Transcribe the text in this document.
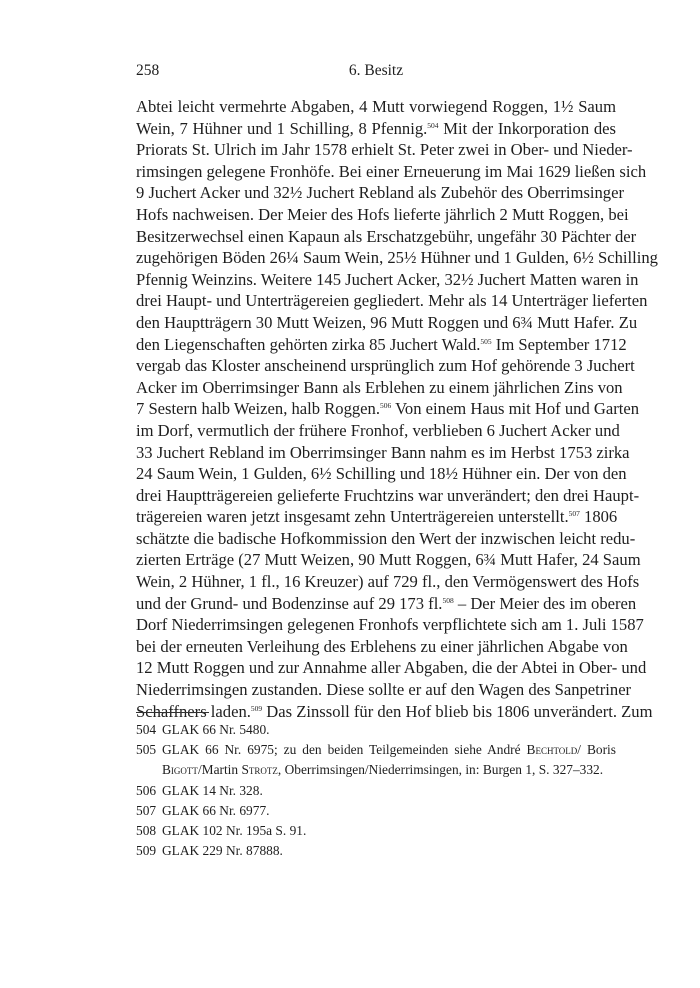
258	6. Besitz
Abtei leicht vermehrte Abgaben, 4 Mutt vorwiegend Roggen, 1½ Saum
Wein, 7 Hühner und 1 Schilling, 8 Pfennig.$^{504}$ Mit der Inkorporation des
Priorats St. Ulrich im Jahr 1578 erhielt St. Peter zwei in Ober- und Nieder-
rimsingen gelegene Fronhöfe. Bei einer Erneuerung im Mai 1629 ließen sich
9 Juchert Acker und 32½ Juchert Rebland als Zubehör des Oberrimsinger
Hofs nachweisen. Der Meier des Hofs lieferte jährlich 2 Mutt Roggen, bei
Besitzerwechsel einen Kapaun als Erschatzgebühr, ungefähr 30 Pächter der
zugehörigen Böden 26¼ Saum Wein, 25½ Hühner und 1 Gulden, 6½ Schilling
Pfennig Weinzins. Weitere 145 Juchert Acker, 32½ Juchert Matten waren in
drei Haupt- und Unterträgereien gegliedert. Mehr als 14 Unterträger lieferten
den Hauptträgern 30 Mutt Weizen, 96 Mutt Roggen und 6¾ Mutt Hafer. Zu
den Liegenschaften gehörten zirka 85 Juchert Wald.$^{505}$ Im September 1712
vergab das Kloster anscheinend ursprünglich zum Hof gehörende 3 Juchert
Acker im Oberrimsinger Bann als Erblehen zu einem jährlichen Zins von
7 Sestern halb Weizen, halb Roggen.$^{506}$ Von einem Haus mit Hof und Garten
im Dorf, vermutlich der frühere Fronhof, verblieben 6 Juchert Acker und
33 Juchert Rebland im Oberrimsinger Bann nahm es im Herbst 1753 zirka
24 Saum Wein, 1 Gulden, 6½ Schilling und 18½ Hühner ein. Der von den
drei Hauptträgereien gelieferte Fruchtzins war unverändert; den drei Haupt-
trägereien waren jetzt insgesamt zehn Unterträgereien unterstellt.$^{507}$ 1806
schätzte die badische Hofkommission den Wert der inzwischen leicht redu-
zierten Erträge (27 Mutt Weizen, 90 Mutt Roggen, 6¾ Mutt Hafer, 24 Saum
Wein, 2 Hühner, 1 fl., 16 Kreuzer) auf 729 fl., den Vermögenswert des Hofs
und der Grund- und Bodenzinse auf 29 173 fl.$^{508}$ – Der Meier des im oberen
Dorf Niederrimsingen gelegenen Fronhofs verpflichtete sich am 1. Juli 1587
bei der erneuten Verleihung des Erblehens zu einer jährlichen Abgabe von
12 Mutt Roggen und zur Annahme aller Abgaben, die der Abtei in Ober- und
Niederrimsingen zustanden. Diese sollte er auf den Wagen des Sanpetriner
Schaffners laden.$^{509}$ Das Zinssoll für den Hof blieb bis 1806 unverändert. Zum
504 GLAK 66 Nr. 5480.
505 GLAK 66 Nr. 6975; zu den beiden Teilgemeinden siehe André Bechtold/ Boris Bigott/Martin Strotz, Oberrimsingen/Niederrimsingen, in: Burgen 1, S. 327–332.
506 GLAK 14 Nr. 328.
507 GLAK 66 Nr. 6977.
508 GLAK 102 Nr. 195a S. 91.
509 GLAK 229 Nr. 87888.
